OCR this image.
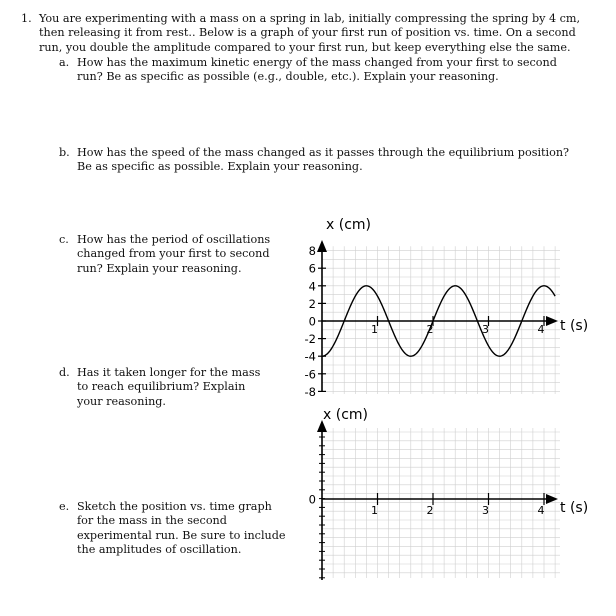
1. You are experimenting with a mass on a spring in lab, initially compressing the spring by 4 cm, then releasing it from rest.. Below is a graph of your first run of position vs. time. On a second run, you double the amplitude compared to your first run, but keep everything else the same.
a. How has the maximum kinetic energy of the mass changed from your first to second run? Be as specific as possible (e.g., double, etc.). Explain your reasoning.
b. How has the speed of the mass changed as it passes through the equilibrium position? Be as specific as possible. Explain your reasoning.
c. How has the period of oscillations changed from your first to second run? Explain your reasoning.
d. Has it taken longer for the mass to reach equilibrium? Explain your reasoning.
e. Sketch the position vs. time graph for the mass in the second experimental run. Be sure to include the amplitudes of oscillation.
8
6
4
2
0
-2
-4
-6
-8
1	2	3	4
x (cm)
t (s)
0
1	2	3	4
x (cm)
t (s)
